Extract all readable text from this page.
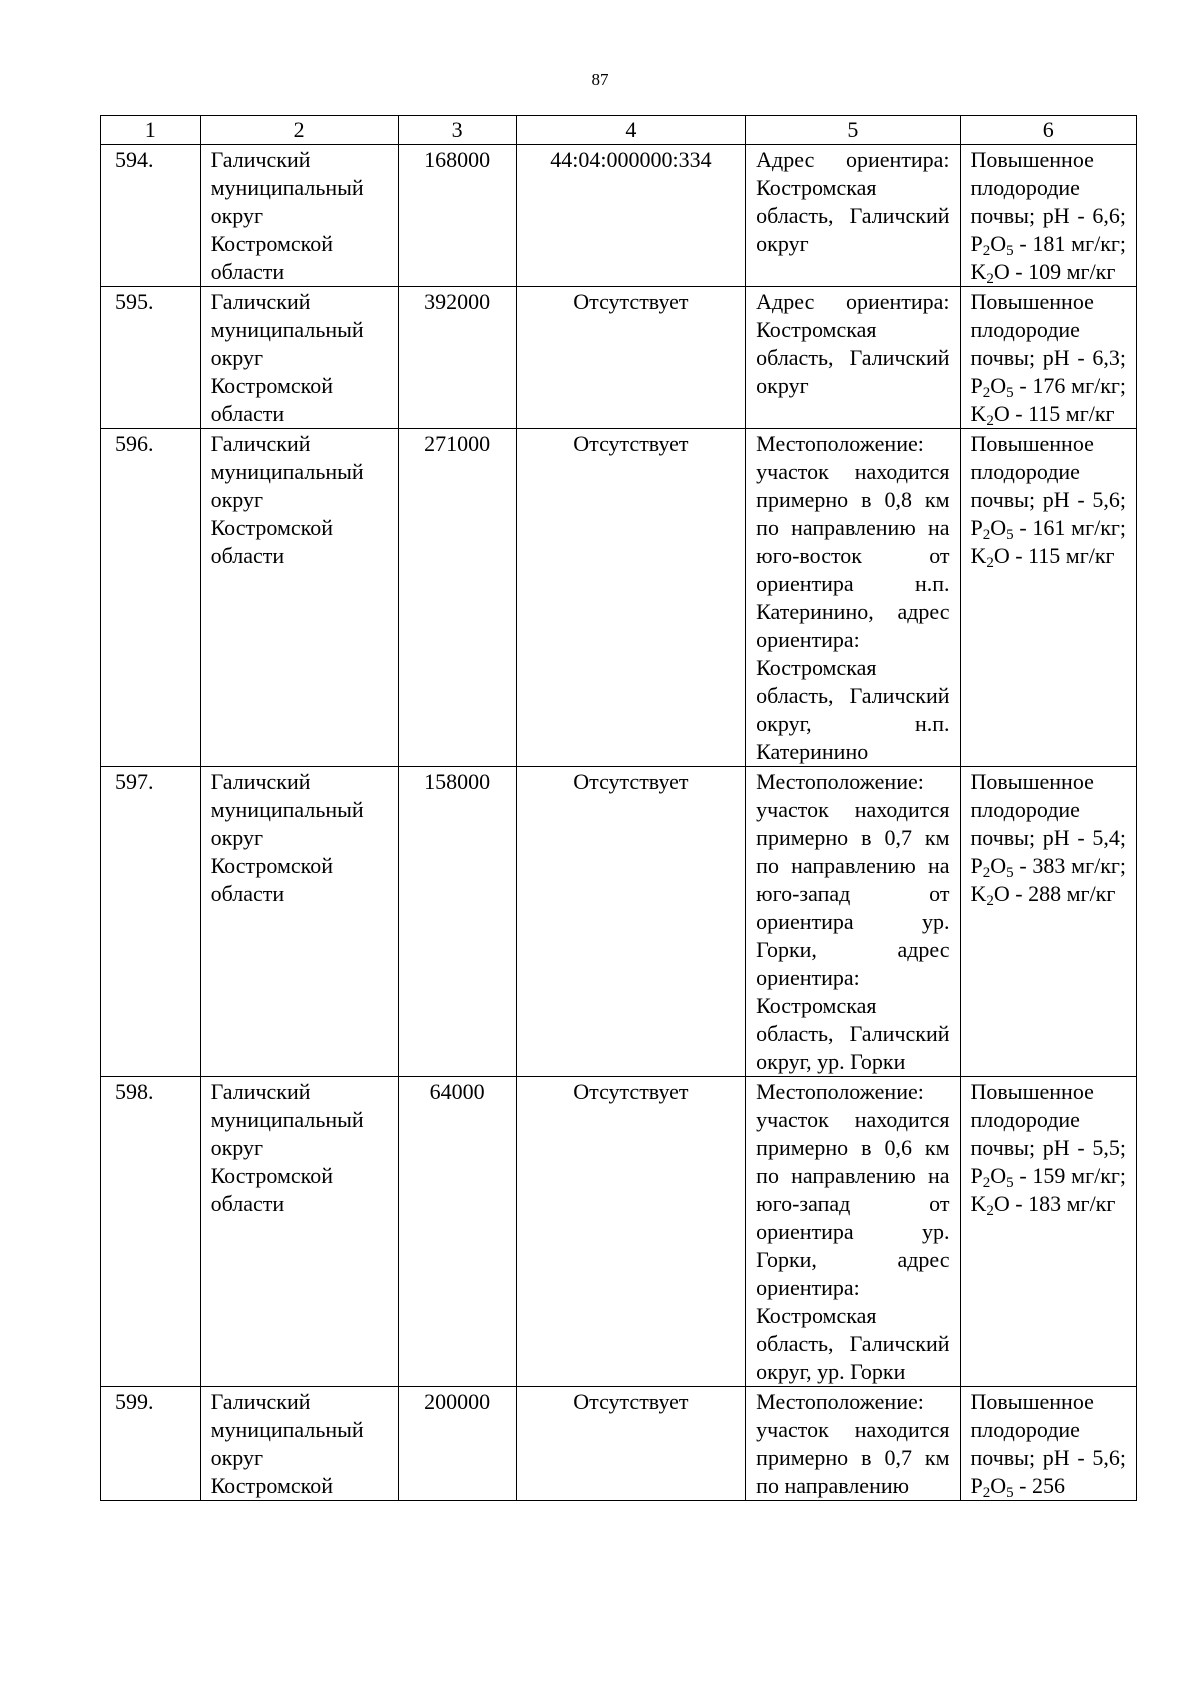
87
1	2	3	4	5	6
594.	Галичский муниципальный округ Костромской области	168000	44:04:000000:334	Адрес ориентира: Костромская область, Галичский округ	Повышенное плодородие почвы; pH - 6,6; $P_2O_5 - 181$ мг/кг; $K_2O - 109$ мг/кг
595.	Галичский муниципальный округ Костромской области	392000	Отсутствует	Адрес ориентира: Костромская область, Галичский округ	Повышенное плодородие почвы; pH - 6,3; $P_2O_5 - 176$ мг/кг; $K_2O - 115$ мг/кг
596.	Галичский муниципальный округ Костромской области	271000	Отсутствует	Местоположение: участок находится примерно в 0,8 км по направлению на юго-восток от ориентира н.п. Катеринино, адрес ориентира: Костромская область, Галичский округ, н.п. Катеринино	Повышенное плодородие почвы; pH - 5,6; $P_2O_5 - 161$ мг/кг; $K_2O - 115$ мг/кг
597.	Галичский муниципальный округ Костромской области	158000	Отсутствует	Местоположение: участок находится примерно в 0,7 км по направлению на юго-запад от ориентира ур. Горки, адрес ориентира: Костромская область, Галичский округ, ур. Горки	Повышенное плодородие почвы; pH - 5,4; $P_2O_5 - 383$ мг/кг; $K_2O - 288$ мг/кг
598.	Галичский муниципальный округ Костромской области	64000	Отсутствует	Местоположение: участок находится примерно в 0,6 км по направлению на юго-запад от ориентира ур. Горки, адрес ориентира: Костромская область, Галичский округ, ур. Горки	Повышенное плодородие почвы; pH - 5,5; $P_2O_5 - 159$ мг/кг; $K_2O - 183$ мг/кг
599.	Галичский муниципальный округ Костромской	200000	Отсутствует	Местоположение: участок находится примерно в 0,7 км по направлению	Повышенное плодородие почвы; pH - 5,6; $P_2O_5 - 256$
